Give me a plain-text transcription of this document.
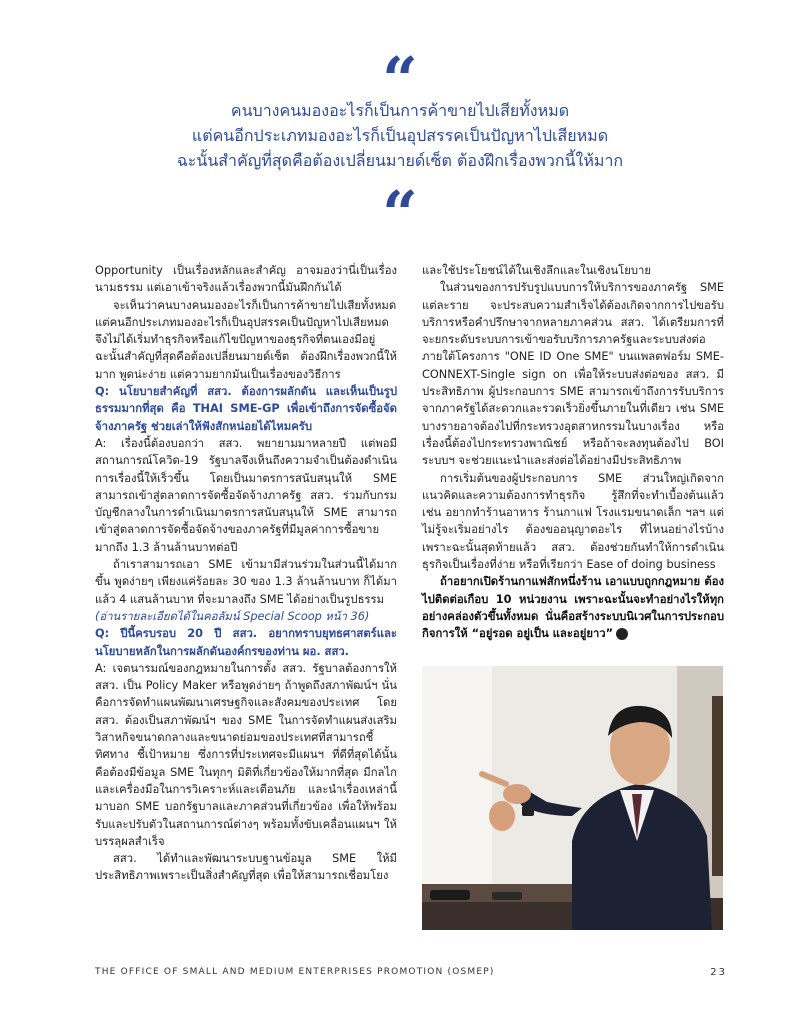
“
คนบางคนมองอะไรก็เป็นการค้าขายไปเสียทั้งหมด
แต่คนอีกประเภทมองอะไรก็เป็นอุปสรรคเป็นปัญหาไปเสียหมด
ฉะนั้นสำคัญที่สุดคือต้องเปลี่ยนมายด์เซ็ต ต้องฝึกเรื่องพวกนี้ให้มาก
“

Opportunity เป็นเรื่องหลักและสำคัญ อาจมองว่านี่เป็นเรื่องนามธรรม แต่เอาเข้าจริงแล้วเรื่องพวกนี้มันฝึกกันได้

จะเห็นว่าคนบางคนมองอะไรก็เป็นการค้าขายไปเสียทั้งหมด แต่คนอีกประเภทมองอะไรก็เป็นอุปสรรคเป็นปัญหาไปเสียหมด จึงไม่ได้เริ่มทำธุรกิจหรือแก้ไขปัญหาของธุรกิจที่ตนเองมีอยู่ ฉะนั้นสำคัญที่สุดคือต้องเปลี่ยนมายด์เซ็ต ต้องฝึกเรื่องพวกนี้ให้มาก พูดน่ะง่าย แต่ความยากมันเป็นเรื่องของวิธีการ

Q: นโยบายสำคัญที่ สสว. ต้องการผลักดัน และเห็นเป็นรูปธรรมมากที่สุด คือ THAI SME-GP เพื่อเข้าถึงการจัดซื้อจัดจ้างภาครัฐ ช่วยเล่าให้ฟังสักหน่อยได้ไหมครับ

A: เรื่องนี้ต้องบอกว่า สสว. พยายามมาหลายปี แต่พอมีสถานการณ์โควิด-19 รัฐบาลจึงเห็นถึงความจำเป็นต้องดำเนินการเรื่องนี้ให้เร็วขึ้น โดยเป็นมาตรการสนับสนุนให้ SME สามารถเข้าสู่ตลาดการจัดซื้อจัดจ้างภาครัฐ สสว. ร่วมกับกรมบัญชีกลางในการดำเนินมาตรการสนับสนุนให้ SME สามารถเข้าสู่ตลาดการจัดซื้อจัดจ้างของภาครัฐที่มีมูลค่าการซื้อขายมากถึง 1.3 ล้านล้านบาทต่อปี

ถ้าเราสามารถเอา SME เข้ามามีส่วนร่วมในส่วนนี้ได้มากขึ้น พูดง่ายๆ เพียงแค่ร้อยละ 30 ของ 1.3 ล้านล้านบาท ก็ได้มาแล้ว 4 แสนล้านบาท ที่จะมาลงถึง SME ได้อย่างเป็นรูปธรรม

(อ่านรายละเอียดได้ในคอลัมน์ Special Scoop หน้า 36)

Q: ปีนี้ครบรอบ 20 ปี สสว. อยากทราบยุทธศาสตร์และนโยบายหลักในการผลักดันองค์กรของท่าน ผอ. สสว.

A: เจตนารมณ์ของกฎหมายในการตั้ง สสว. รัฐบาลต้องการให้ สสว. เป็น Policy Maker หรือพูดง่ายๆ ถ้าพูดถึงสภาพัฒน์ฯ นั่นคือการจัดทำแผนพัฒนาเศรษฐกิจและสังคมของประเทศ โดย สสว. ต้องเป็นสภาพัฒน์ฯ ของ SME ในการจัดทำแผนส่งเสริมวิสาหกิจขนาดกลางและขนาดย่อมของประเทศที่สามารถชี้ทิศทาง ชี้เป้าหมาย ซึ่งการที่ประเทศจะมีแผนฯ ที่ดีที่สุดได้นั้น คือต้องมีข้อมูล SME ในทุกๆ มิติที่เกี่ยวข้องให้มากที่สุด มีกลไกและเครื่องมือในการวิเคราะห์และเตือนภัย และนำเรื่องเหล่านี้มาบอก SME บอกรัฐบาลและภาคส่วนที่เกี่ยวข้อง เพื่อให้พร้อมรับและปรับตัวในสถานการณ์ต่างๆ พร้อมทั้งขับเคลื่อนแผนฯ ให้บรรลุผลสำเร็จ

สสว. ได้ทำและพัฒนาระบบฐานข้อมูล SME ให้มีประสิทธิภาพเพราะเป็นสิ่งสำคัญที่สุด เพื่อให้สามารถเชื่อมโยง

และใช้ประโยชน์ได้ในเชิงลึกและในเชิงนโยบาย

ในส่วนของการปรับรูปแบบการให้บริการของภาครัฐ SME แต่ละราย จะประสบความสำเร็จได้ต้องเกิดจากการไปขอรับบริการหรือคำปรึกษาจากหลายภาคส่วน สสว. ได้เตรียมการที่จะยกระดับระบบการเข้าขอรับบริการภาครัฐและระบบส่งต่อภายใต้โครงการ "ONE ID One SME" บนแพลตฟอร์ม SME-CONNEXT-Single sign on เพื่อให้ระบบส่งต่อของ สสว. มีประสิทธิภาพ ผู้ประกอบการ SME สามารถเข้าถึงการรับบริการจากภาครัฐได้สะดวกและรวดเร็วยิ่งขึ้นภายในที่เดียว เช่น SME บางรายอาจต้องไปที่กระทรวงอุตสาหกรรมในบางเรื่อง หรือเรื่องนี้ต้องไปกระทรวงพาณิชย์ หรือถ้าจะลงทุนต้องไป BOI ระบบฯ จะช่วยแนะนำและส่งต่อได้อย่างมีประสิทธิภาพ

การเริ่มต้นของผู้ประกอบการ SME ส่วนใหญ่เกิดจากแนวคิดและความต้องการทำธุรกิจ รู้สึกที่จะทำเบื้องต้นแล้ว เช่น อยากทำร้านอาหาร ร้านกาแฟ โรงแรมขนาดเล็ก ฯลฯ แต่ไม่รู้จะเริ่มอย่างไร ต้องขออนุญาตอะไร ที่ไหนอย่างไรบ้าง เพราะฉะนั้นสุดท้ายแล้ว สสว. ต้องช่วยกันทำให้การดำเนินธุรกิจเป็นเรื่องที่ง่าย หรือที่เรียกว่า Ease of doing business

ถ้าอยากเปิดร้านกาแฟสักหนึ่งร้าน เอาแบบถูกกฎหมาย ต้องไปติดต่อเกือบ 10 หน่วยงาน เพราะฉะนั้นจะทำอย่างไรให้ทุกอย่างคล่องตัวขึ้นทั้งหมด นั่นคือสร้างระบบนิเวศในการประกอบกิจการให้ “อยู่รอด อยู่เป็น และอยู่ยาว” ✕

THE OFFICE OF SMALL AND MEDIUM ENTERPRISES PROMOTION (OSMEP)	23
